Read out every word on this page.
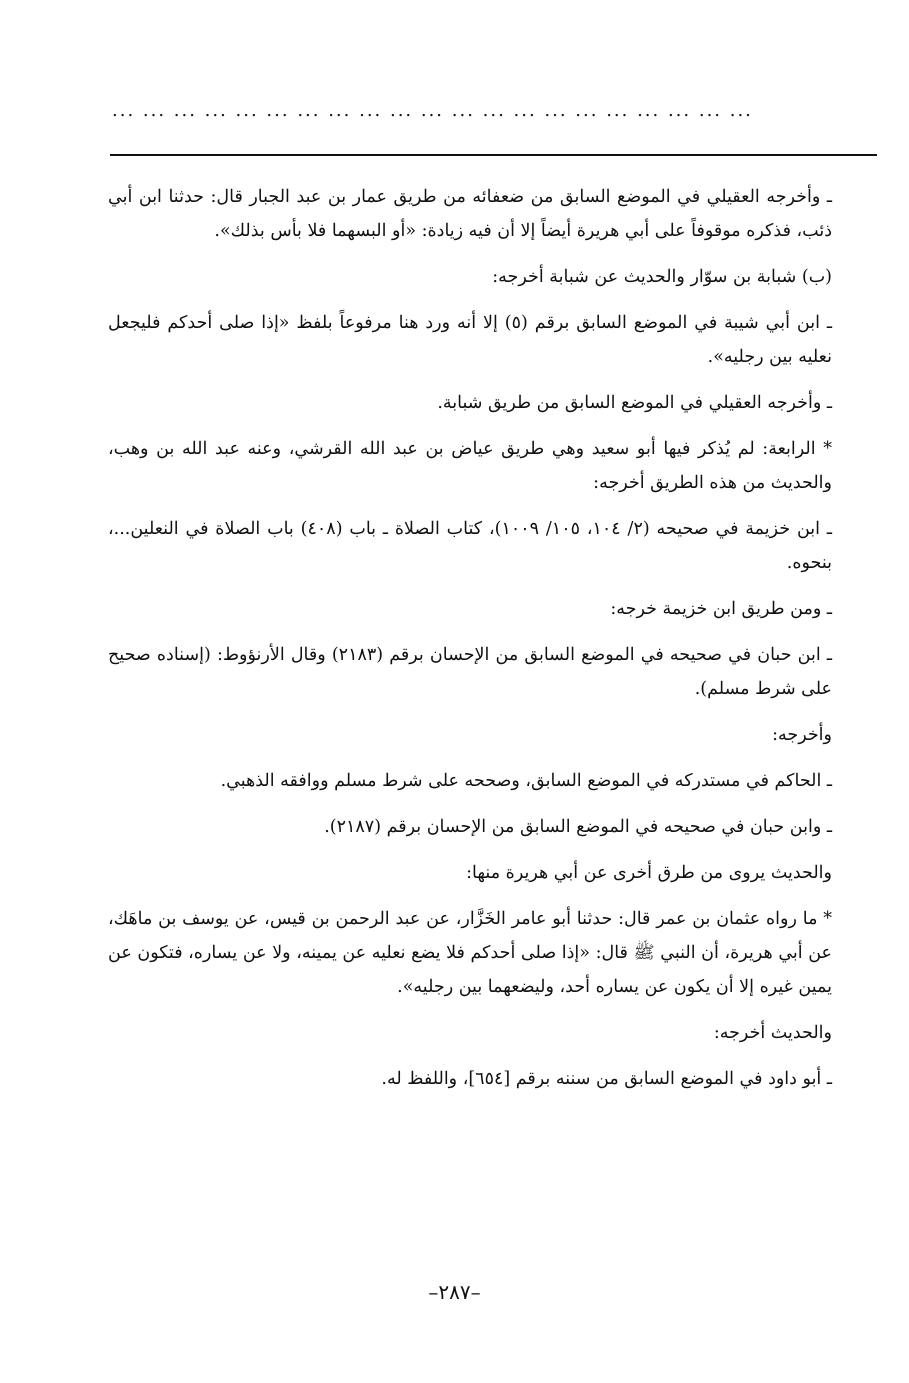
... ... ... ... ... ... ... ... ... ... ... ... ... ... ... ... ... ... ... ... ...

ـ وأخرجه العقيلي في الموضع السابق من ضعفائه من طريق عمار بن عبد الجبار قال: حدثنا ابن أبي ذئب، فذكره موقوفاً على أبي هريرة أيضاً إلا أن فيه زيادة: «أو البسهما فلا بأس بذلك».

(ب) شبابة بن سوّار والحديث عن شبابة أخرجه:

ـ ابن أبي شيبة في الموضع السابق برقم (٥) إلا أنه ورد هنا مرفوعاً بلفظ «إذا صلى أحدكم فليجعل نعليه بين رجليه».

ـ وأخرجه العقيلي في الموضع السابق من طريق شبابة.

* الرابعة: لم يُذكر فيها أبو سعيد وهي طريق عياض بن عبد الله القرشي، وعنه عبد الله بن وهب، والحديث من هذه الطريق أخرجه:

ـ ابن خزيمة في صحيحه (٢/ ١٠٤، ١٠٥/ ١٠٠٩)، كتاب الصلاة ـ باب (٤٠٨) باب الصلاة في النعلين...، بنحوه.

ـ ومن طريق ابن خزيمة خرجه:

ـ ابن حبان في صحيحه في الموضع السابق من الإحسان برقم (٢١٨٣) وقال الأرنؤوط: (إسناده صحيح على شرط مسلم).

وأخرجه:

ـ الحاكم في مستدركه في الموضع السابق، وصححه على شرط مسلم ووافقه الذهبي.

ـ وابن حبان في صحيحه في الموضع السابق من الإحسان برقم (٢١٨٧).

والحديث يروى من طرق أخرى عن أبي هريرة منها:

* ما رواه عثمان بن عمر قال: حدثنا أبو عامر الخَزَّار، عن عبد الرحمن بن قيس، عن يوسف بن ماهَك، عن أبي هريرة، أن النبي ﷺ قال: «إذا صلى أحدكم فلا يضع نعليه عن يمينه، ولا عن يساره، فتكون عن يمين غيره إلا أن يكون عن يساره أحد، وليضعهما بين رجليه».

والحديث أخرجه:

ـ أبو داود في الموضع السابق من سننه برقم [٦٥٤]، واللفظ له.

–٢٨٧–
